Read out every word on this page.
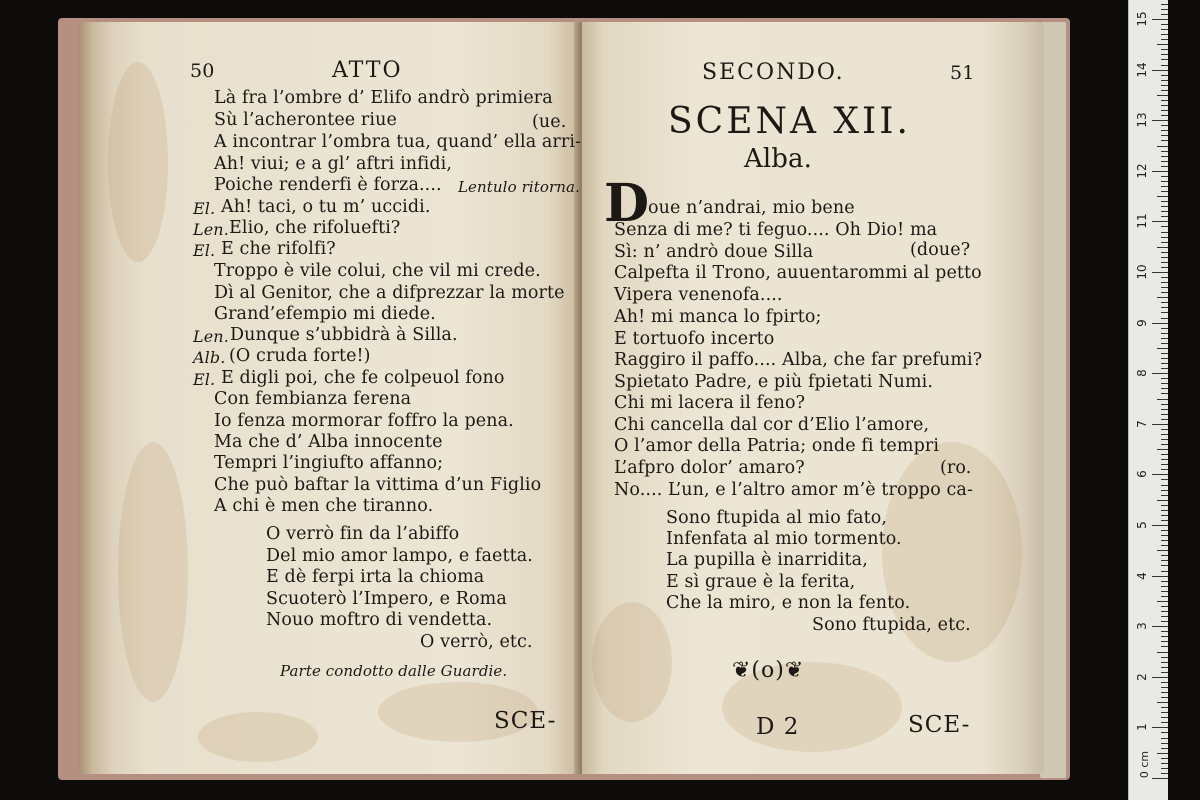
50	ATTO
Là fra l’ombre d’ Elifo andrò primiera
Sù l’acherontee riue	(ue.
A incontrar l’ombra tua, quand’ ella arri-
Ah! viui; e a gl’ aftri infidi,
Poiche renderfi è forza.... Lentulo ritorna.
El. Ah! taci, o tu m’ uccidi.
Len. Elio, che rifoluefti?
El. E che rifolfi?
Troppo è vile colui, che vil mi crede.
Dì al Genitor, che a difprezzar la morte
Grand’efempio mi diede.
Len. Dunque s’ubbidrà à Silla.
Alb. (O cruda forte!)
El. E digli poi, che fe colpeuol fono
Con fembianza ferena
Io fenza mormorar foffro la pena.
Ma che d’ Alba innocente
Tempri l’ingiufto affanno;
Che può baftar la vittima d’un Figlio
A chi è men che tiranno.
O verrò fin da l’abiffo
Del mio amor lampo, e faetta.
E dè ferpi irta la chioma
Scuoterò l’Impero, e Roma
Nouo moftro di vendetta.
O verrò, etc.
Parte condotto dalle Guardie.
SCE-
SECONDO.	51
SCENA XII.
Alba.
D
oue n’andrai, mio bene
Senza di me? ti feguo.... Oh Dio! ma
Sì: n’ andrò doue Silla	(doue?
Calpefta il Trono, auuentarommi al petto
Vipera venenofa....
Ah! mi manca lo fpirto;
E tortuofo incerto
Raggiro il paffo.... Alba, che far prefumi?
Spietato Padre, e più fpietati Numi.
Chi mi lacera il feno?
Chi cancella dal cor d’Elio l’amore,
O l’amor della Patria; onde fi tempri
L’afpro dolor’ amaro?	(ro.
No.... L’un, e l’altro amor m’è troppo ca-
Sono ftupida al mio fato,
Infenfata al mio tormento.
La pupilla è inarridita,
E sì graue è la ferita,
Che la miro, e non la fento.
Sono ftupida, etc.
❦(o)❦
D 2	SCE-	1
2
3
4
5
6
7
8
9
10
11
12
13
14
15
0 cm
